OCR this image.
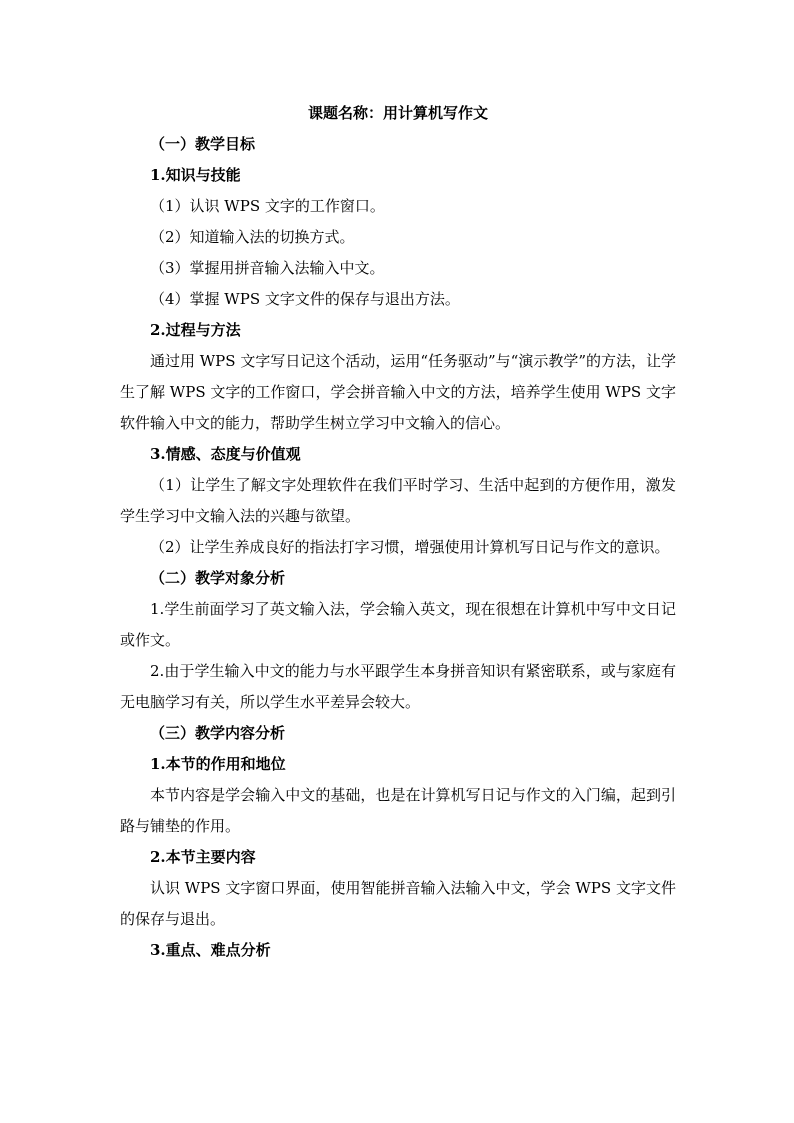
课题名称：用计算机写作文

（一）教学目标

1.知识与技能

（1）认识 WPS 文字的工作窗口。

（2）知道输入法的切换方式。

（3）掌握用拼音输入法输入中文。

（4）掌握 WPS 文字文件的保存与退出方法。

2.过程与方法

通过用 WPS 文字写日记这个活动，运用“任务驱动”与“演示教学”的方法，让学生了解 WPS 文字的工作窗口，学会拼音输入中文的方法，培养学生使用 WPS 文字软件输入中文的能力，帮助学生树立学习中文输入的信心。

3.情感、态度与价值观

（1）让学生了解文字处理软件在我们平时学习、生活中起到的方便作用，激发学生学习中文输入法的兴趣与欲望。

（2）让学生养成良好的指法打字习惯，增强使用计算机写日记与作文的意识。

（二）教学对象分析

1.学生前面学习了英文输入法，学会输入英文，现在很想在计算机中写中文日记或作文。

2.由于学生输入中文的能力与水平跟学生本身拼音知识有紧密联系，或与家庭有无电脑学习有关，所以学生水平差异会较大。

（三）教学内容分析

1.本节的作用和地位

本节内容是学会输入中文的基础，也是在计算机写日记与作文的入门编，起到引路与铺垫的作用。

2.本节主要内容

认识 WPS 文字窗口界面，使用智能拼音输入法输入中文，学会 WPS 文字文件的保存与退出。

3.重点、难点分析
